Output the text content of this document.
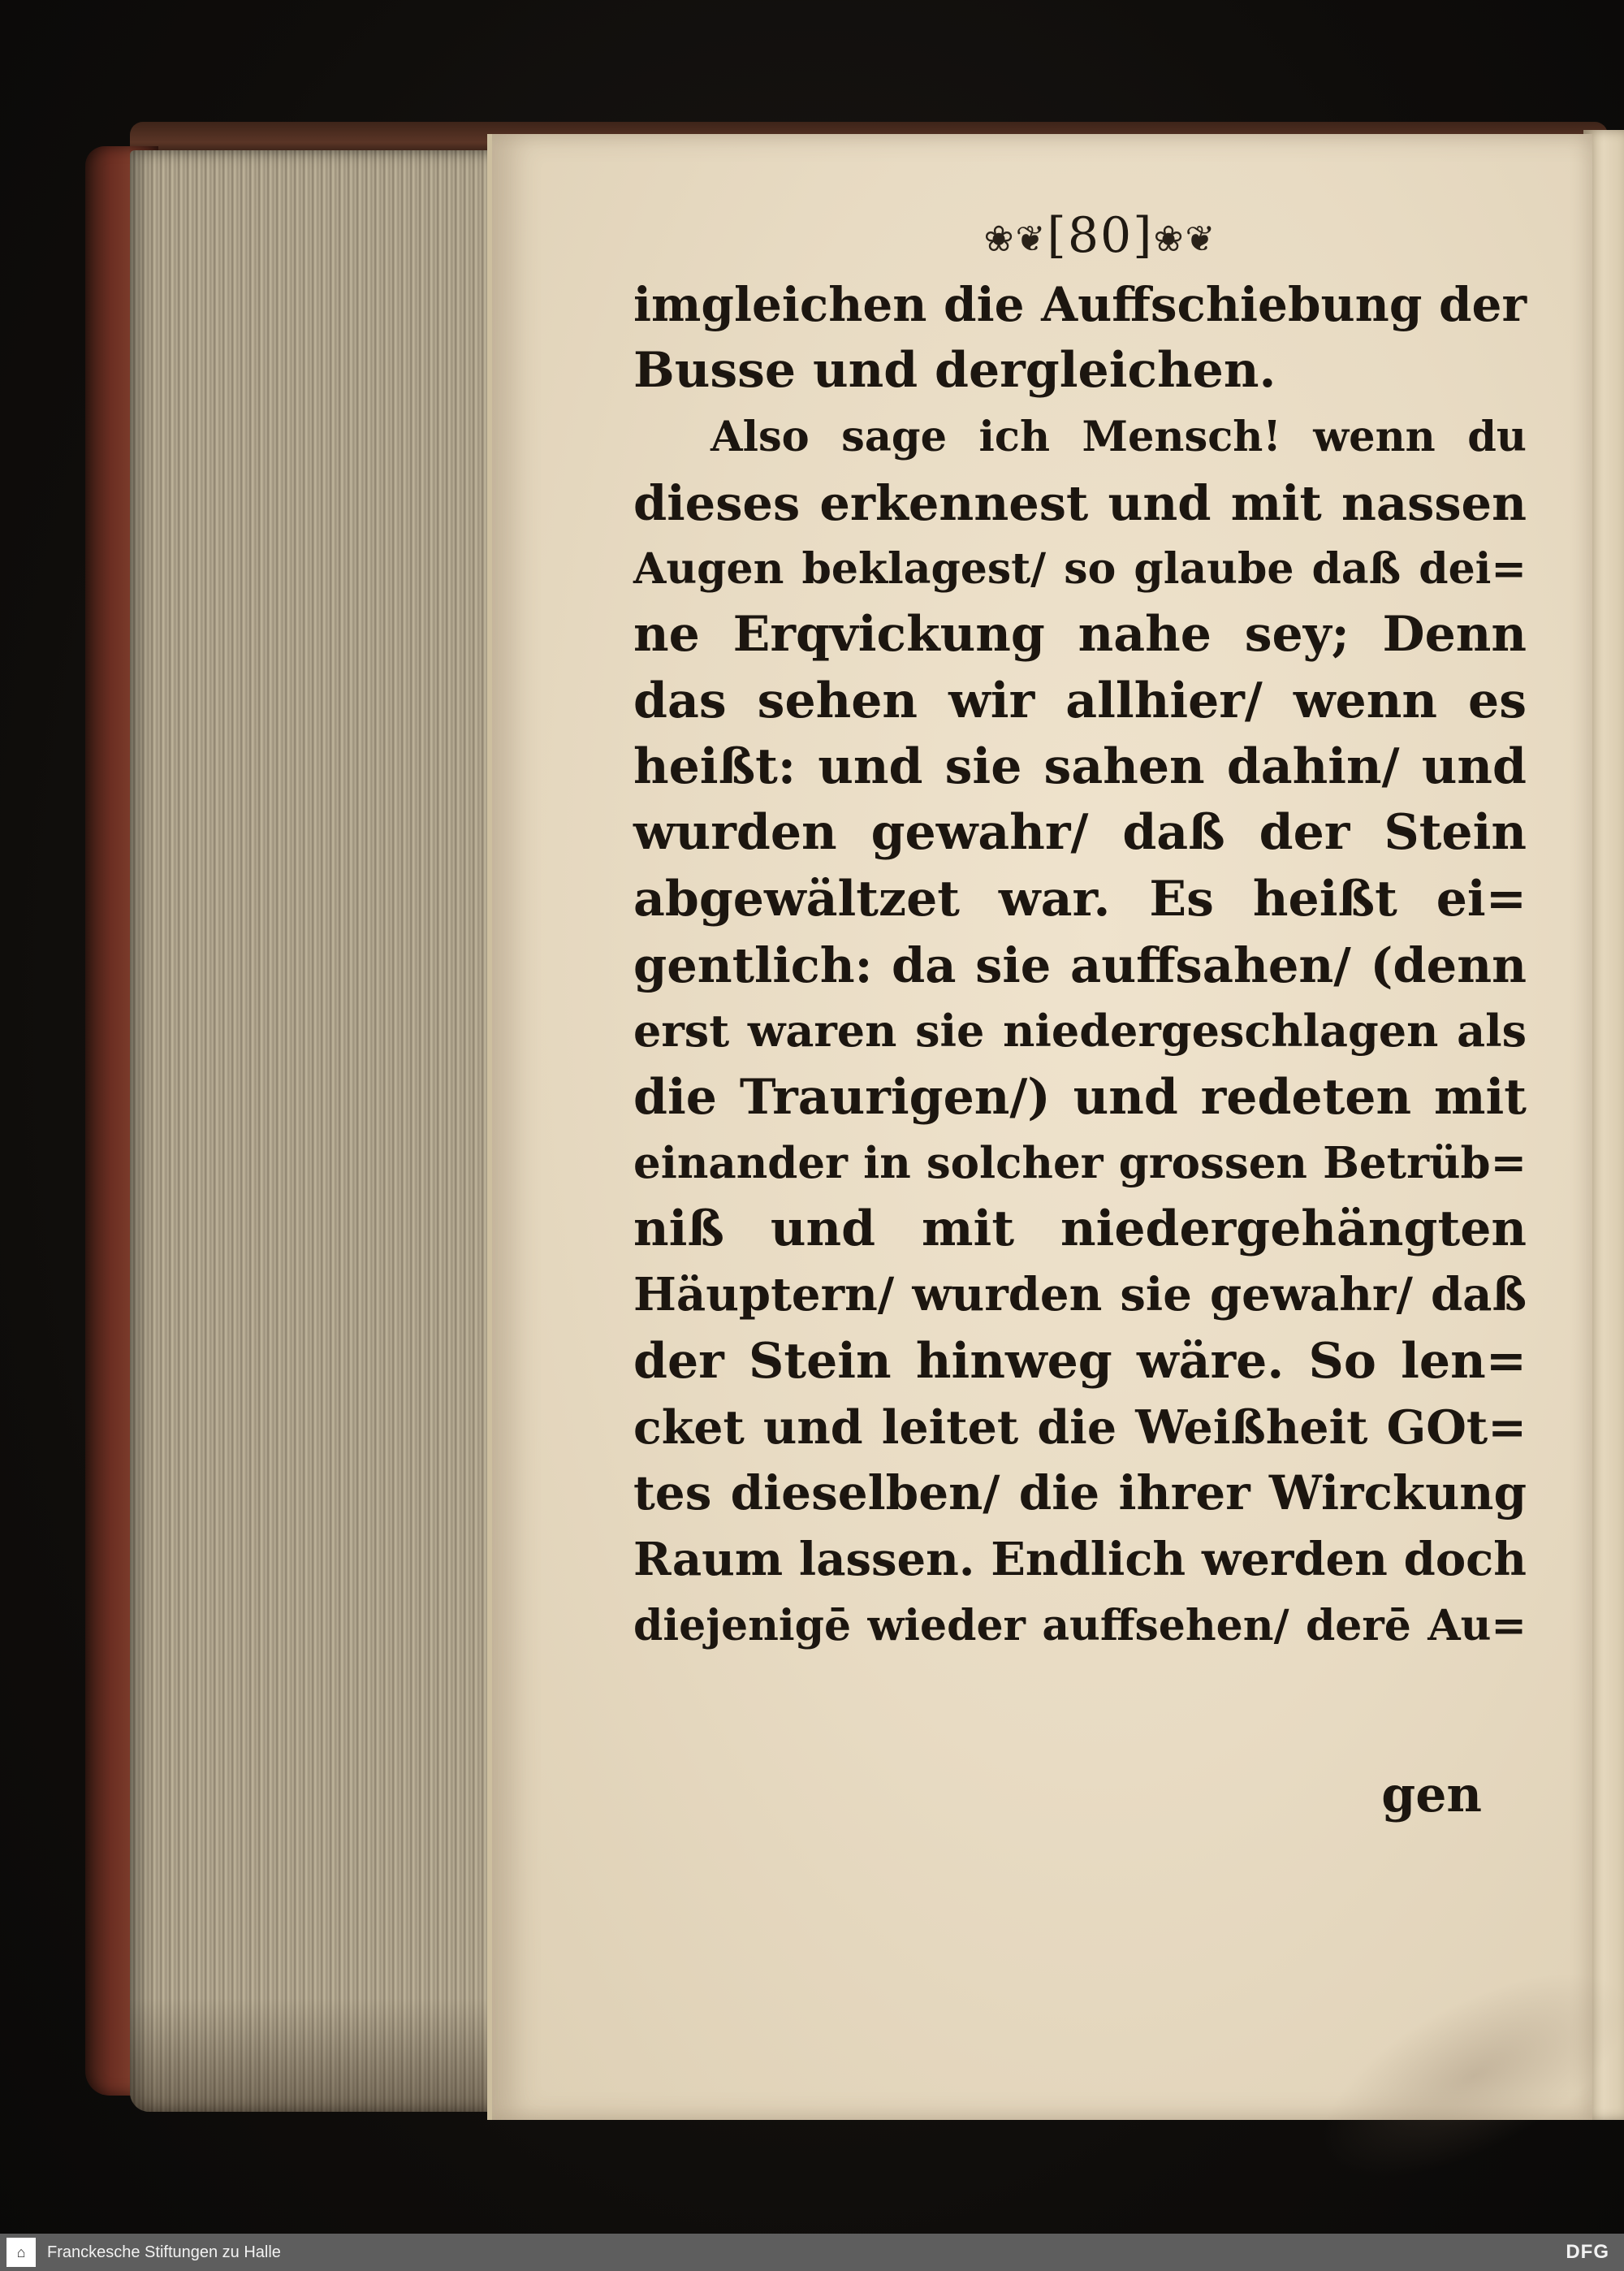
❀❦[80]❀❦
imgleichen die Auffschiebung der
Busse und dergleichen.
Also sage ich Mensch! wenn du
dieses erkennest und mit nassen
Augen beklagest/ so glaube daß dei=
ne Erqvickung nahe sey; Denn
das sehen wir allhier/ wenn es
heißt: und sie sahen dahin/ und
wurden gewahr/ daß der Stein
abgewältzet war. Es heißt ei=
gentlich: da sie auffsahen/ (denn
erst waren sie niedergeschlagen als
die Traurigen/) und redeten mit
einander in solcher grossen Betrüb=
niß und mit niedergehängten
Häuptern/ wurden sie gewahr/ daß
der Stein hinweg wäre. So len=
cket und leitet die Weißheit GOt=
tes dieselben/ die ihrer Wirckung
Raum lassen. Endlich werden doch
diejenigē wieder auffsehen/ derē Au=
gen
⌂	Franckesche Stiftungen zu Halle	DFG
